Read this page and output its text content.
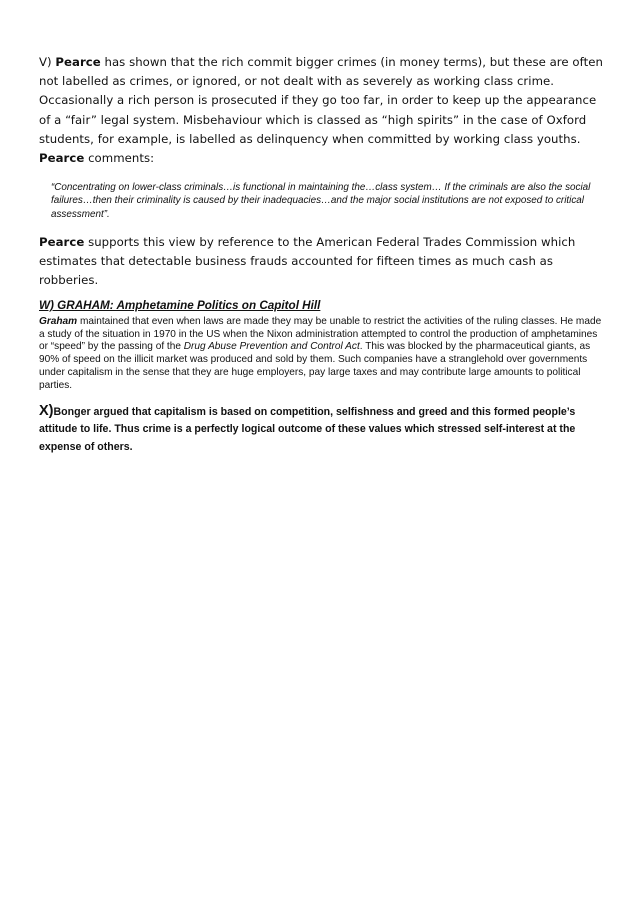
V) Pearce has shown that the rich commit bigger crimes (in money terms), but these are often not labelled as crimes, or ignored, or not dealt with as severely as working class crime. Occasionally a rich person is prosecuted if they go too far, in order to keep up the appearance of a “fair” legal system. Misbehaviour which is classed as “high spirits” in the case of Oxford students, for example, is labelled as delinquency when committed by working class youths. Pearce comments:

“Concentrating on lower-class criminals…is functional in maintaining the…class system… If the criminals are also the social failures…then their criminality is caused by their inadequacies…and the major social institutions are not exposed to critical assessment”.

Pearce supports this view by reference to the American Federal Trades Commission which estimates that detectable business frauds accounted for fifteen times as much cash as robberies.

W) GRAHAM: Amphetamine Politics on Capitol Hill

Graham maintained that even when laws are made they may be unable to restrict the activities of the ruling classes. He made a study of the situation in 1970 in the US when the Nixon administration attempted to control the production of amphetamines or “speed” by the passing of the Drug Abuse Prevention and Control Act. This was blocked by the pharmaceutical giants, as 90% of speed on the illicit market was produced and sold by them. Such companies have a stranglehold over governments under capitalism in the sense that they are huge employers, pay large taxes and may contribute large amounts to political parties.

X)Bonger argued that capitalism is based on competition, selfishness and greed and this formed people’s attitude to life. Thus crime is a perfectly logical outcome of these values which stressed self-interest at the expense of others.
